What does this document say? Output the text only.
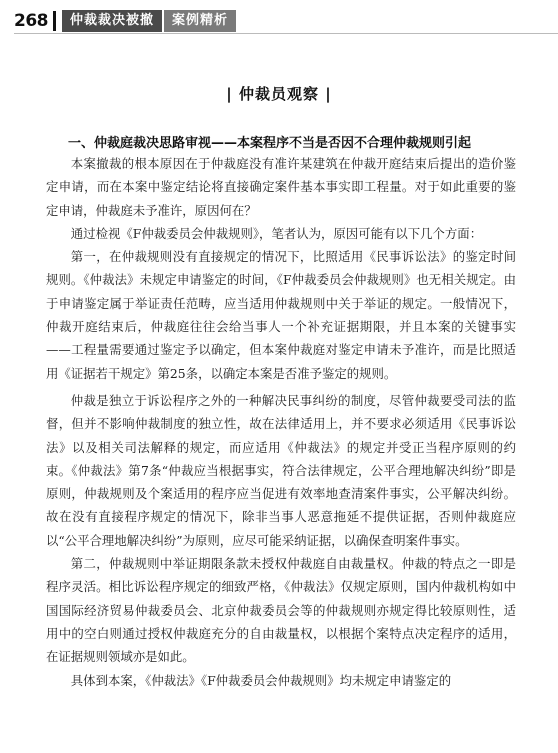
268	仲裁裁决被撤	案例精析
| 仲裁员观察 |
一、仲裁庭裁决思路审视——本案程序不当是否因不合理仲裁规则引起

本案撤裁的根本原因在于仲裁庭没有准许某建筑在仲裁开庭结束后提出的造价鉴定申请，而在本案中鉴定结论将直接确定案件基本事实即工程量。对于如此重要的鉴定申请，仲裁庭未予准许，原因何在？

通过检视《F仲裁委员会仲裁规则》，笔者认为，原因可能有以下几个方面：

第一，在仲裁规则没有直接规定的情况下，比照适用《民事诉讼法》的鉴定时间规则。《仲裁法》未规定申请鉴定的时间，《F仲裁委员会仲裁规则》也无相关规定。由于申请鉴定属于举证责任范畴，应当适用仲裁规则中关于举证的规定。一般情况下，仲裁开庭结束后，仲裁庭往往会给当事人一个补充证据期限，并且本案的关键事实——工程量需要通过鉴定予以确定，但本案仲裁庭对鉴定申请未予准许，而是比照适用《证据若干规定》第25条，以确定本案是否准予鉴定的规则。

仲裁是独立于诉讼程序之外的一种解决民事纠纷的制度，尽管仲裁要受司法的监督，但并不影响仲裁制度的独立性，故在法律适用上，并不要求必须适用《民事诉讼法》以及相关司法解释的规定，而应适用《仲裁法》的规定并受正当程序原则的约束。《仲裁法》第7条“仲裁应当根据事实，符合法律规定，公平合理地解决纠纷”即是原则，仲裁规则及个案适用的程序应当促进有效率地查清案件事实，公平解决纠纷。故在没有直接程序规定的情况下，除非当事人恶意拖延不提供证据，否则仲裁庭应以“公平合理地解决纠纷”为原则，应尽可能采纳证据，以确保查明案件事实。

第二，仲裁规则中举证期限条款未授权仲裁庭自由裁量权。仲裁的特点之一即是程序灵活。相比诉讼程序规定的细致严格，《仲裁法》仅规定原则，国内仲裁机构如中国国际经济贸易仲裁委员会、北京仲裁委员会等的仲裁规则亦规定得比较原则性，适用中的空白则通过授权仲裁庭充分的自由裁量权，以根据个案特点决定程序的适用，在证据规则领域亦是如此。

具体到本案，《仲裁法》《F仲裁委员会仲裁规则》均未规定申请鉴定的
